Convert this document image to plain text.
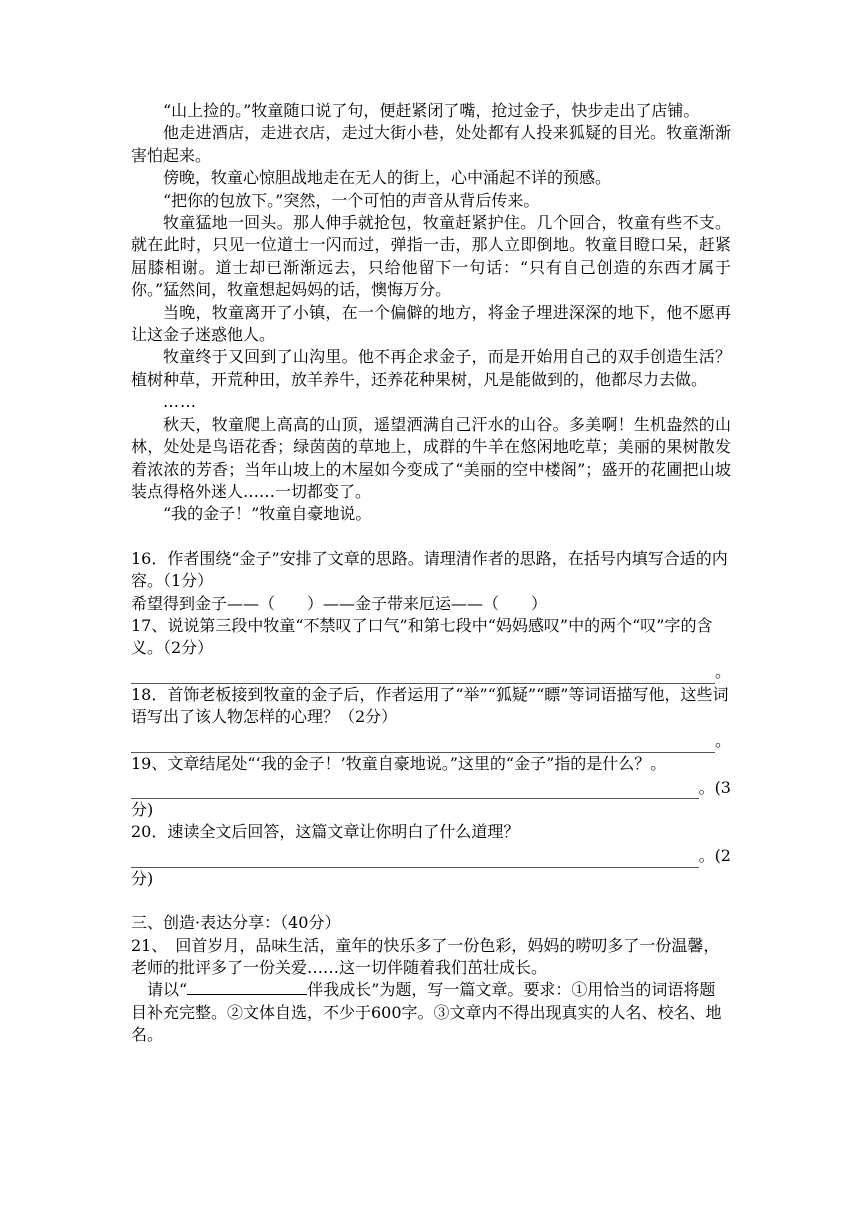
“山上捡的。”牧童随口说了句，便赶紧闭了嘴，抢过金子，快步走出了店铺。

他走进酒店，走进衣店，走过大街小巷，处处都有人投来狐疑的目光。牧童渐渐害怕起来。

傍晚，牧童心惊胆战地走在无人的街上，心中涌起不详的预感。

“把你的包放下。”突然，一个可怕的声音从背后传来。

牧童猛地一回头。那人伸手就抢包，牧童赶紧护住。几个回合，牧童有些不支。就在此时，只见一位道士一闪而过，弹指一击，那人立即倒地。牧童目瞪口呆，赶紧屈膝相谢。道士却已渐渐远去，只给他留下一句话：“只有自己创造的东西才属于你。”猛然间，牧童想起妈妈的话，懊悔万分。

当晚，牧童离开了小镇，在一个偏僻的地方，将金子埋进深深的地下，他不愿再让这金子迷惑他人。

牧童终于又回到了山沟里。他不再企求金子，而是开始用自己的双手创造生活？植树种草，开荒种田，放羊养牛，还养花种果树，凡是能做到的，他都尽力去做。

……

秋天，牧童爬上高高的山顶，遥望洒满自己汗水的山谷。多美啊！生机盎然的山林，处处是鸟语花香；绿茵茵的草地上，成群的牛羊在悠闲地吃草；美丽的果树散发着浓浓的芳香；当年山坡上的木屋如今变成了“美丽的空中楼阁”；盛开的花圃把山坡装点得格外迷人……一切都变了。

“我的金子！”牧童自豪地说。

16．作者围绕“金子”安排了文章的思路。请理清作者的思路，在括号内填写合适的内容。（1分）

希望得到金子——（　　）——金子带来厄运——（　　）

17、说说第三段中牧童“不禁叹了口气”和第七段中“妈妈感叹”中的两个“叹”字的含义。（2分）

。

18．首饰老板接到牧童的金子后，作者运用了“举”“狐疑”“瞟”等词语描写他，这些词语写出了该人物怎样的心理？（2分）

。

19、文章结尾处“‘我的金子！’牧童自豪地说。”这里的“金子”指的是什么？。

。(3

分)

20．速读全文后回答，这篇文章让你明白了什么道理？

。(2

分)

三、创造·表达分享：（40分）

21、　回首岁月，品味生活，童年的快乐多了一份色彩，妈妈的唠叨多了一份温馨，老师的批评多了一份关爱……这一切伴随着我们茁壮成长。

请以“	伴我成长”为题，写一篇文章。要求：①用恰当的词语将题目补充完整。②文体自选，不少于600字。③文章内不得出现真实的人名、校名、地名。
